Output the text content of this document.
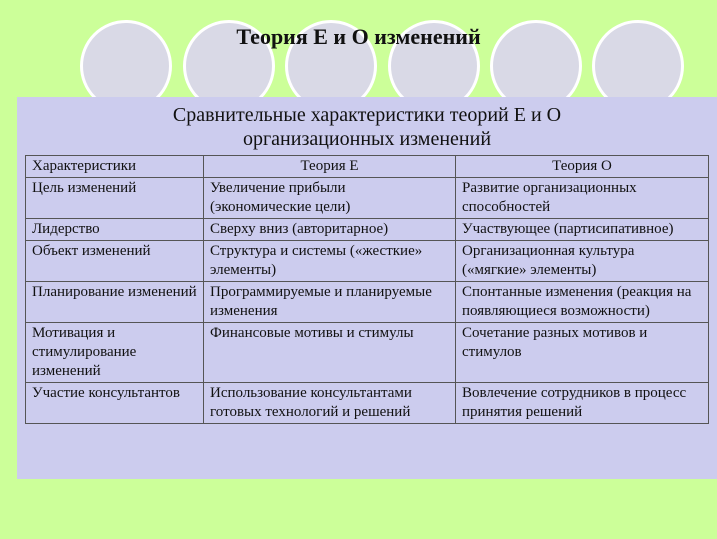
Теория E и O изменений
Сравнительные характеристики теорий E и O
организационных изменений
Характеристики	Теория E	Теория O
Цель изменений	Увеличение прибыли (экономические цели)	Развитие организационных способностей
Лидерство	Сверху вниз (авторитарное)	Участвующее (партисипативное)
Объект изменений	Структура и системы («жесткие» элементы)	Организационная культура («мягкие» элементы)
Планирование изменений	Программируемые и планируемые изменения	Спонтанные изменения (реакция на появляющиеся возможности)
Мотивация и стимулирование изменений	Финансовые мотивы и стимулы	Сочетание разных мотивов и стимулов
Участие консультантов	Использование консультантами готовых технологий и решений	Вовлечение сотрудников в процесс принятия решений
